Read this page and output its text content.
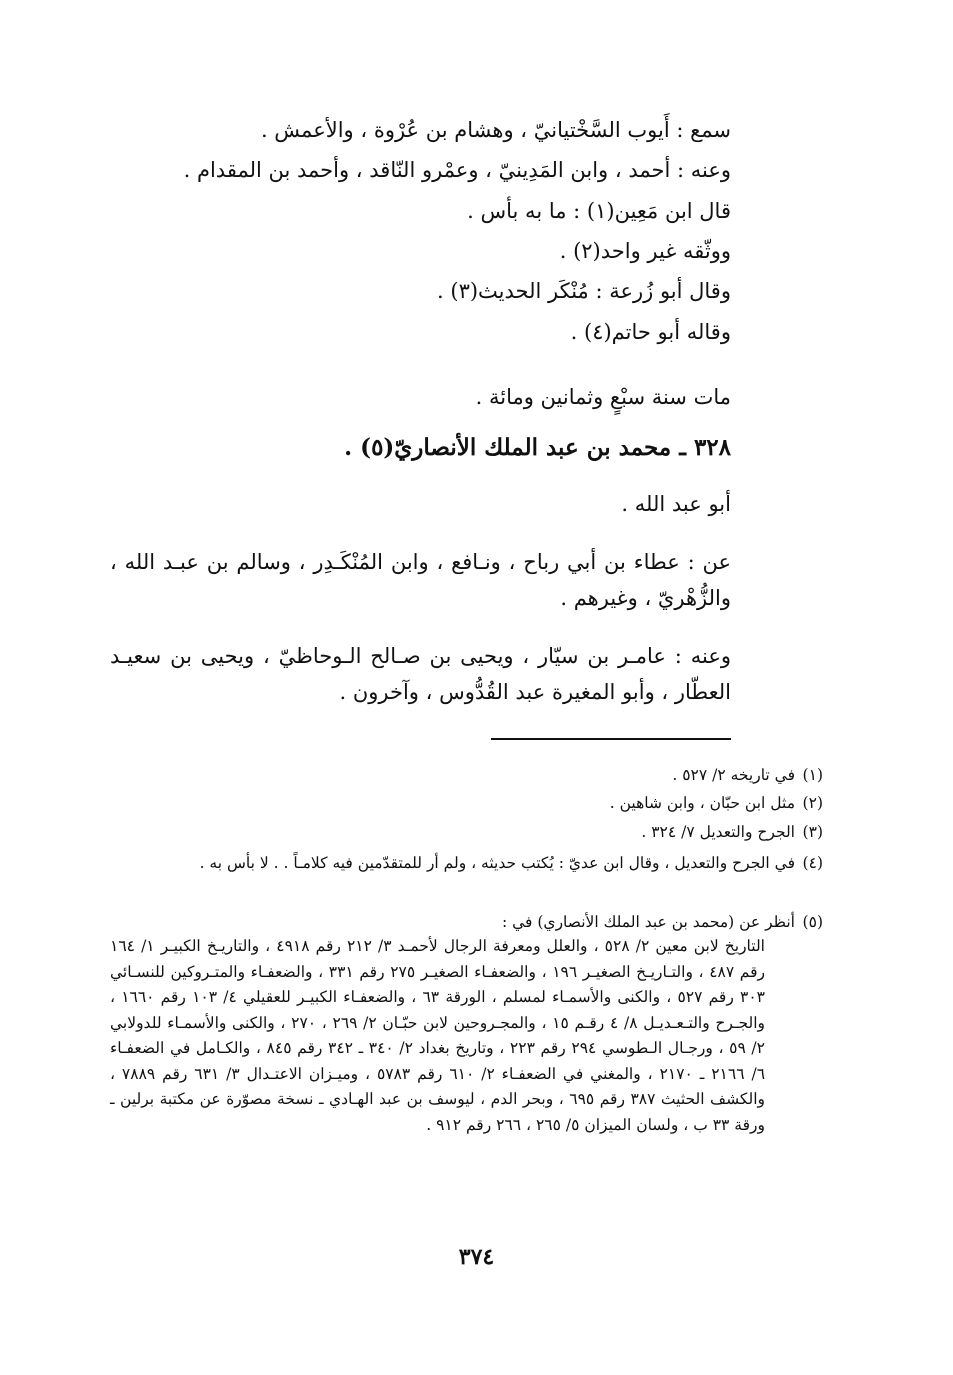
سمع : أَيوب السَّخْتيانيّ ، وهشام بن عُرْوة ، والأعمش .
وعنه : أحمد ، وابن المَدِينيّ ، وعمْرو النّاقد ، وأحمد بن المقدام .
قال ابن مَعِين(١) : ما به بأس .
ووثّقه غير واحد(٢) .
وقال أبو زُرعة : مُنْكَر الحديث(٣) .
وقاله أبو حاتم(٤) .
مات سنة سبْعٍ وثمانين ومائة .
٣٢٨ ـ محمد بن عبد الملك الأنصاريّ(٥) .
أبو عبد الله .
عن : عطاء بن أبي رباح ، ونـافع ، وابن المُنْكَـدِر ، وسالم بن عبـد الله ، والزُّهْريّ ، وغيرهم .
وعنه : عامـر بن سيّار ، ويحيى بن صـالح الـوحاظيّ ، ويحيى بن سعيـد العطّار ، وأبو المغيرة عبد القُدُّوس ، وآخرون .
(١)
في تاريخه ٢/ ٥٢٧ .
(٢)
مثل ابن حبّان ، وابن شاهين .
(٣)
الجرح والتعديل ٧/ ٣٢٤ .
(٤)
في الجرح والتعديل ، وقال ابن عديّ : يُكتب حديثه ، ولم أر للمتقدّمين فيه كلامـاً . . لا بأس به .
(٥)
أنظر عن (محمد بن عبد الملك الأنصاري) في :
التاريخ لابن معين ٢/ ٥٢٨ ، والعلل ومعرفة الرجال لأحمـد ٣/ ٢١٢ رقم ٤٩١٨ ، والتاريـخ الكبيـر ١/ ١٦٤ رقم ٤٨٧ ، والتـاريـخ الصغيـر ١٩٦ ، والضعفـاء الصغيـر ٢٧٥ رقم ٣٣١ ، والضعفـاء والمتـروكين للنسـائي ٣٠٣ رقم ٥٢٧ ، والكنى والأسمـاء لمسلم ، الورقة ٦٣ ، والضعفـاء الكبيـر للعقيلي ٤/ ١٠٣ رقم ١٦٦٠ ، والجـرح والتـعـديـل ٨/ ٤ رقـم ١٥ ، والمجـروحين لابن حبّـان ٢/ ٢٦٩ ، ٢٧٠ ، والكنى والأسمـاء للدولابي ٢/ ٥٩ ، ورجـال الـطوسي ٢٩٤ رقم ٢٢٣ ، وتاريخ بغداد ٢/ ٣٤٠ ـ ٣٤٢ رقم ٨٤٥ ، والكـامل في الضعفـاء ٦/ ٢١٦٦ ـ ٢١٧٠ ، والمغني في الضعفـاء ٢/ ٦١٠ رقم ٥٧٨٣ ، وميـزان الاعتـدال ٣/ ٦٣١ رقم ٧٨٨٩ ، والكشف الحثيث ٣٨٧ رقم ٦٩٥ ، وبحر الدم ، ليوسف بن عبد الهـادي ـ نسخة مصوّرة عن مكتبة برلين ـ ورقة ٣٣ ب ، ولسان الميزان ٥/ ٢٦٥ ، ٢٦٦ رقم ٩١٢ .
٣٧٤
